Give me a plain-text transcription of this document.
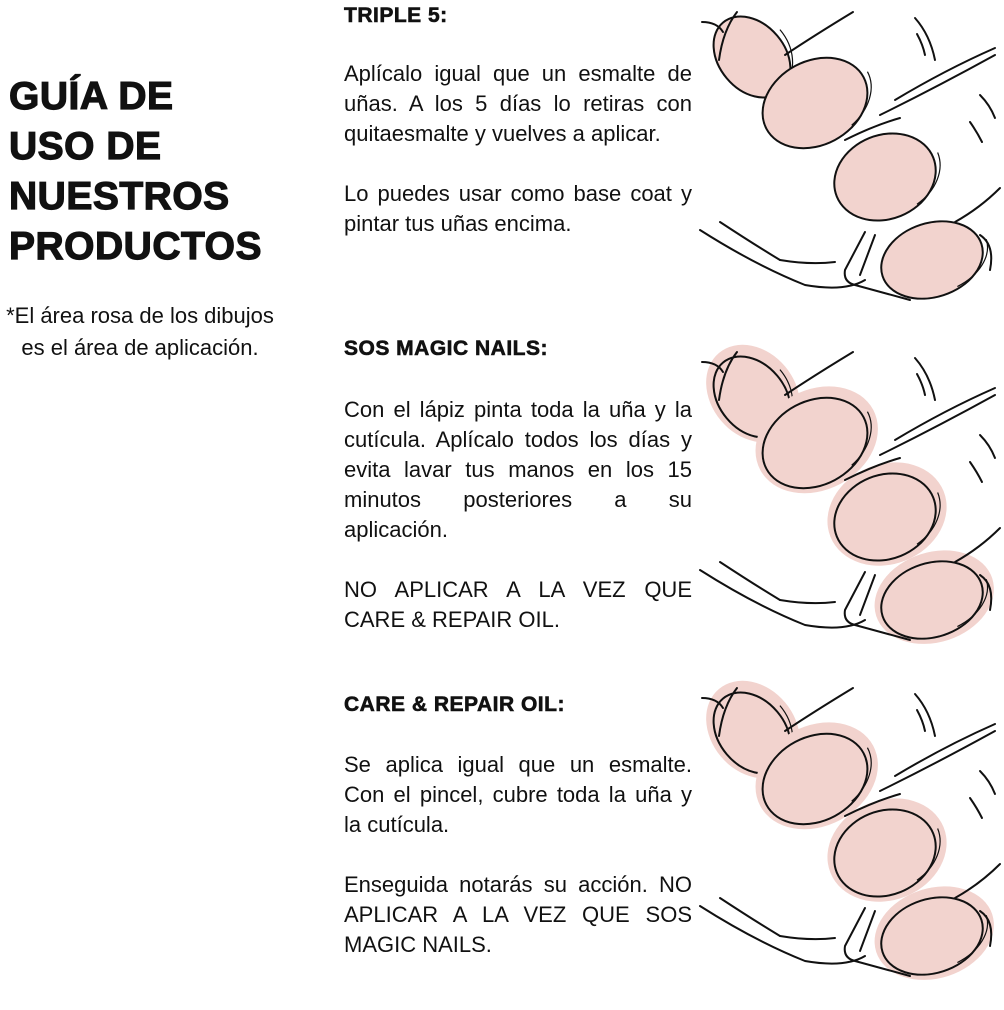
GUÍA DE
USO DE
NUESTROS
PRODUCTOS
*El área rosa de los dibujos es el área de aplicación.
TRIPLE 5:

Aplícalo igual que un esmalte de uñas. A los 5 días lo retiras con quitaesmalte y vuelves a aplicar.

Lo puedes usar como base coat y pintar tus uñas encima.

SOS MAGIC NAILS:

Con el lápiz pinta toda la uña y la cutícula. Aplícalo todos los días y evita lavar tus manos en los 15 minutos posteriores a su aplicación.

NO APLICAR A LA VEZ QUE CARE & REPAIR OIL.

CARE & REPAIR OIL:

Se aplica igual que un esmalte. Con el pincel, cubre toda la uña y la cutícula.

Enseguida notarás su acción. NO APLICAR A LA VEZ QUE SOS MAGIC NAILS.
